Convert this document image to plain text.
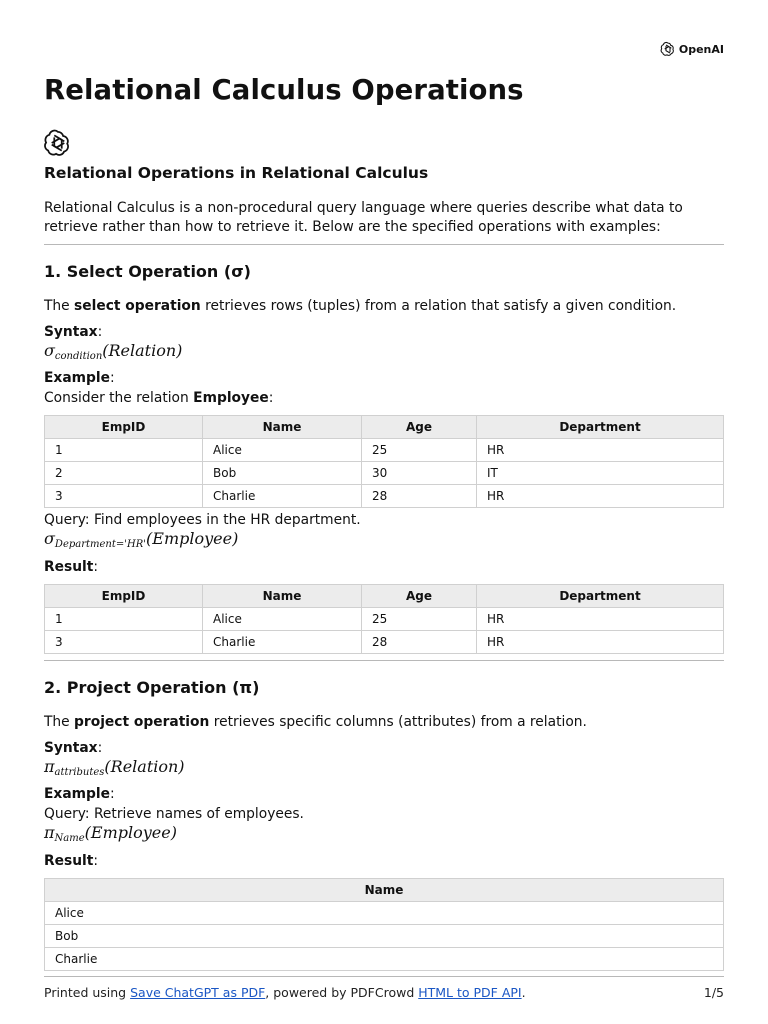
OpenAI
Relational Calculus Operations
Relational Operations in Relational Calculus
Relational Calculus is a non-procedural query language where queries describe what data to retrieve rather than how to retrieve it. Below are the specified operations with examples:
1. Select Operation (σ)
The select operation retrieves rows (tuples) from a relation that satisfy a given condition.
Syntax:
$\sigma_{condition}(Relation)$
Example:
Consider the relation Employee:
EmpID	Name	Age	Department
1	Alice	25	HR
2	Bob	30	IT
3	Charlie	28	HR
Query: Find employees in the HR department.
$\sigma_{Department='HR'}(Employee)$
Result:
EmpID	Name	Age	Department
1	Alice	25	HR
3	Charlie	28	HR
2. Project Operation (π)
The project operation retrieves specific columns (attributes) from a relation.
Syntax:
$\pi_{attributes}(Relation)$
Example:
Query: Retrieve names of employees.
$\pi_{Name}(Employee)$
Result:
Name
Alice
Bob
Charlie
Printed using Save ChatGPT as PDF, powered by PDFCrowd HTML to PDF API.	1/5
